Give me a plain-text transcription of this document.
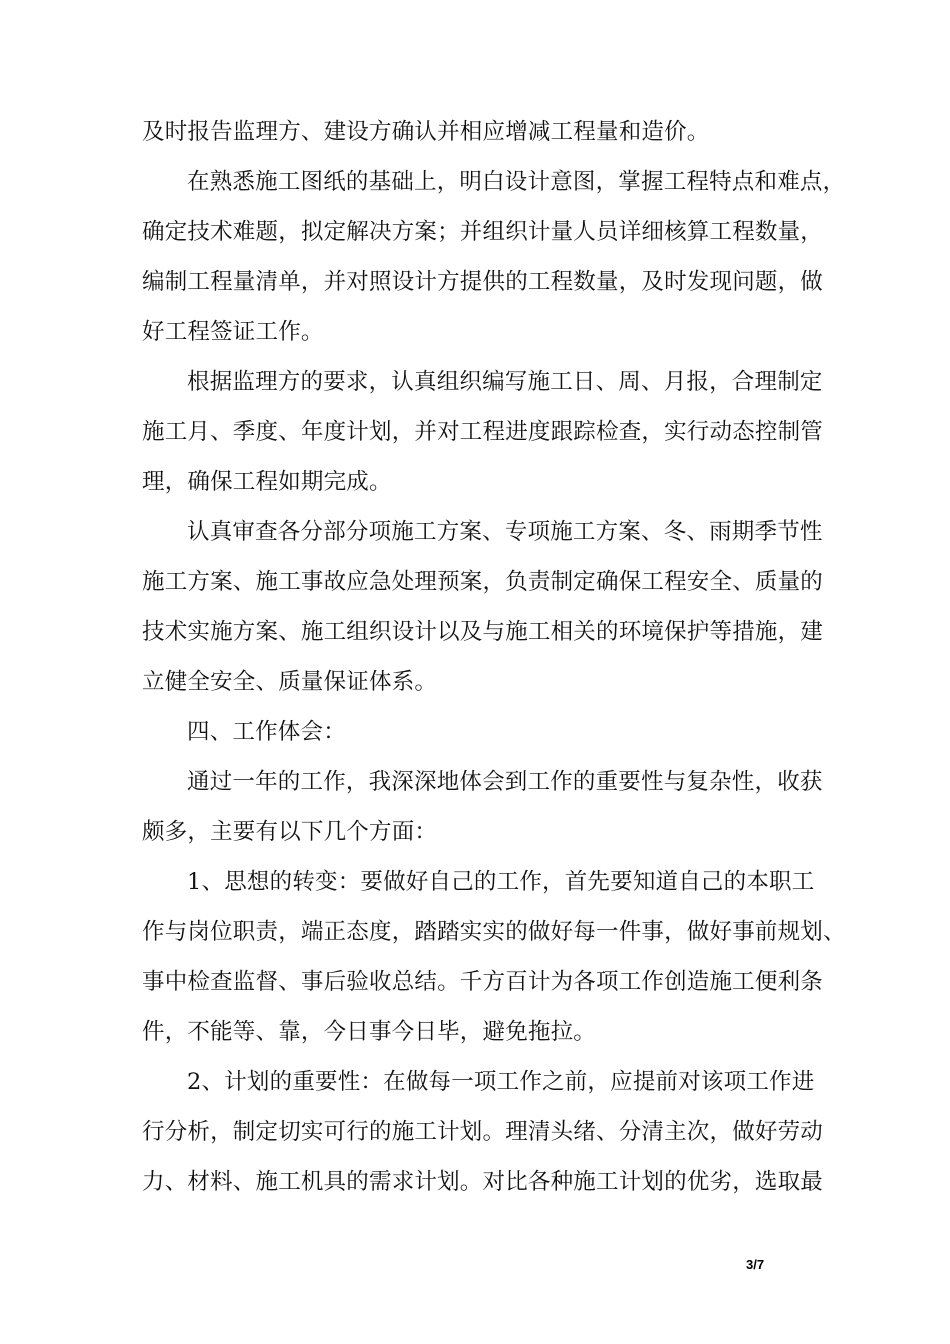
及时报告监理方、建设方确认并相应增减工程量和造价。
在熟悉施工图纸的基础上，明白设计意图，掌握工程特点和难点，
确定技术难题，拟定解决方案；并组织计量人员详细核算工程数量，
编制工程量清单，并对照设计方提供的工程数量，及时发现问题，做
好工程签证工作。
根据监理方的要求，认真组织编写施工日、周、月报，合理制定
施工月、季度、年度计划，并对工程进度跟踪检查，实行动态控制管
理，确保工程如期完成。
认真审查各分部分项施工方案、专项施工方案、冬、雨期季节性
施工方案、施工事故应急处理预案，负责制定确保工程安全、质量的
技术实施方案、施工组织设计以及与施工相关的环境保护等措施，建
立健全安全、质量保证体系。
四、工作体会：
通过一年的工作，我深深地体会到工作的重要性与复杂性，收获
颇多，主要有以下几个方面：
1、思想的转变：要做好自己的工作，首先要知道自己的本职工
作与岗位职责，端正态度，踏踏实实的做好每一件事，做好事前规划、
事中检查监督、事后验收总结。千方百计为各项工作创造施工便利条
件，不能等、靠，今日事今日毕，避免拖拉。
2、计划的重要性：在做每一项工作之前，应提前对该项工作进
行分析，制定切实可行的施工计划。理清头绪、分清主次，做好劳动
力、材料、施工机具的需求计划。对比各种施工计划的优劣，选取最
3/7
